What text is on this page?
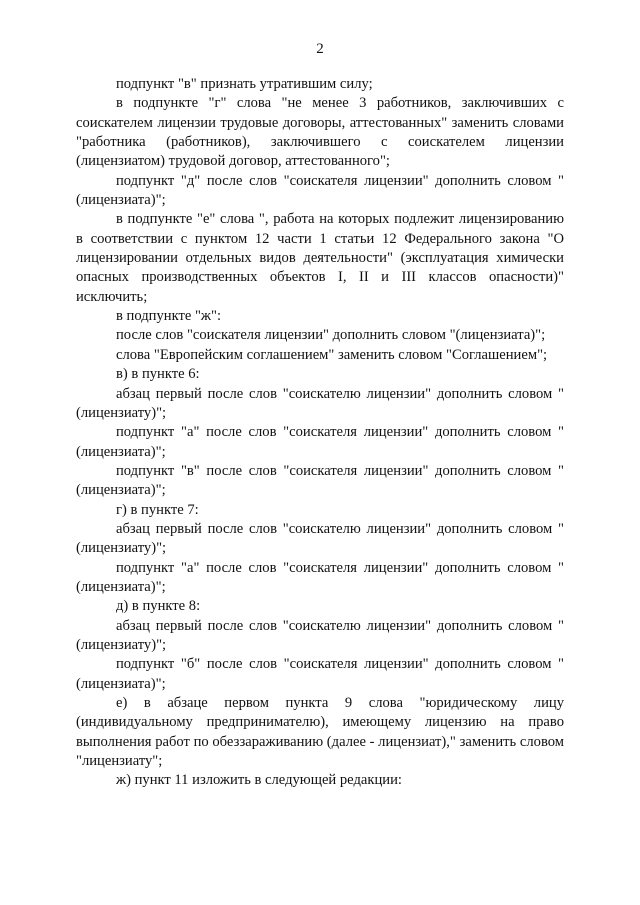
2

подпункт "в" признать утратившим силу;

в подпункте "г" слова "не менее 3 работников, заключивших с соискателем лицензии трудовые договоры, аттестованных" заменить словами "работника (работников), заключившего с соискателем лицензии (лицензиатом) трудовой договор, аттестованного";

подпункт "д" после слов "соискателя лицензии" дополнить словом "(лицензиата)";

в подпункте "е" слова ", работа на которых подлежит лицензированию в соответствии с пунктом 12 части 1 статьи 12 Федерального закона "О лицензировании отдельных видов деятельности" (эксплуатация химически опасных производственных объектов I, II и III классов опасности)" исключить;

в подпункте "ж":

после слов "соискателя лицензии" дополнить словом "(лицензиата)";

слова "Европейским соглашением" заменить словом "Соглашением";

в) в пункте 6:

абзац первый после слов "соискателю лицензии" дополнить словом "(лицензиату)";

подпункт "а" после слов "соискателя лицензии" дополнить словом "(лицензиата)";

подпункт "в" после слов "соискателя лицензии" дополнить словом "(лицензиата)";

г) в пункте 7:

абзац первый после слов "соискателю лицензии" дополнить словом "(лицензиату)";

подпункт "а" после слов "соискателя лицензии" дополнить словом "(лицензиата)";

д) в пункте 8:

абзац первый после слов "соискателю лицензии" дополнить словом "(лицензиату)";

подпункт "б" после слов "соискателя лицензии" дополнить словом "(лицензиата)";

е) в абзаце первом пункта 9 слова "юридическому лицу (индивидуальному предпринимателю), имеющему лицензию на право выполнения работ по обеззараживанию (далее - лицензиат)," заменить словом "лицензиату";

ж) пункт 11 изложить в следующей редакции:
